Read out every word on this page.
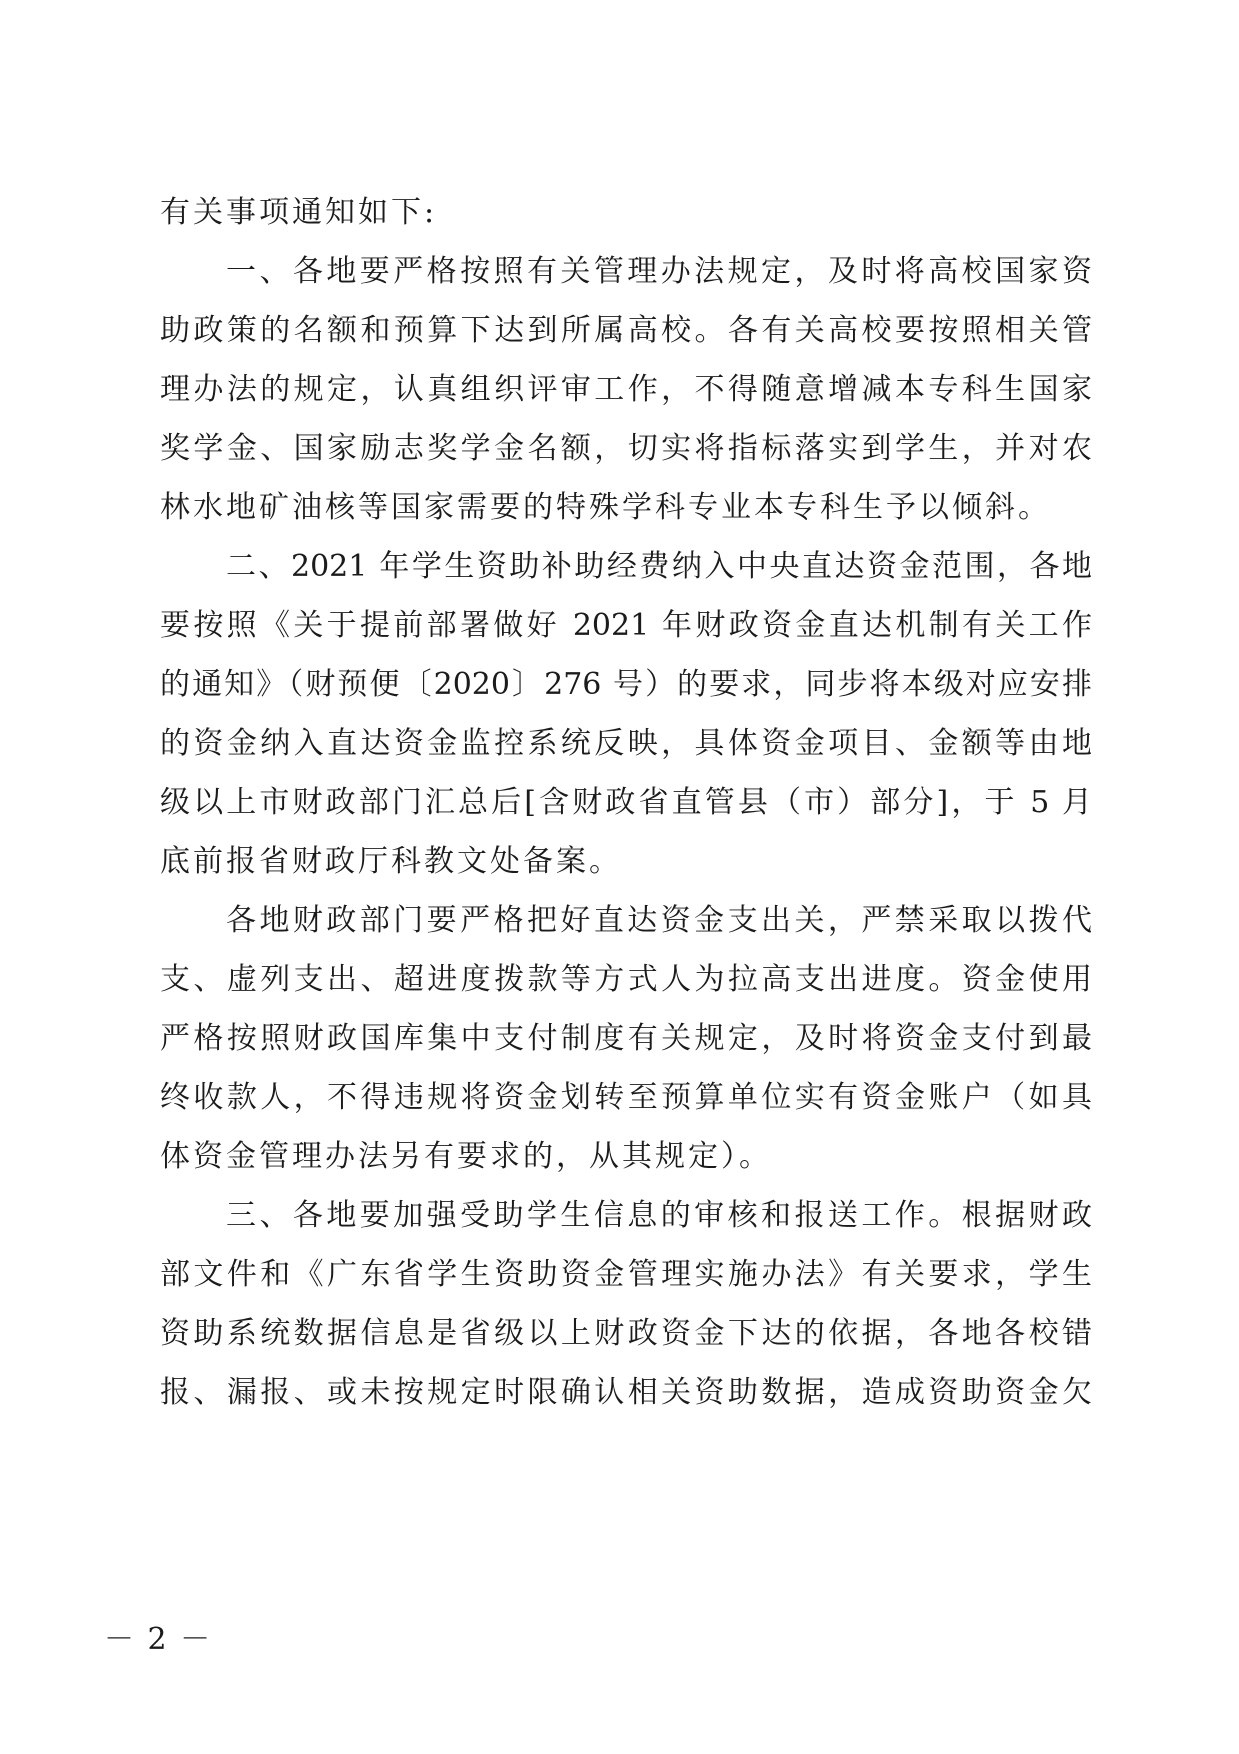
有关事项通知如下:
一、各地要严格按照有关管理办法规定，及时将高校国家资
助政策的名额和预算下达到所属高校。各有关高校要按照相关管
理办法的规定，认真组织评审工作，不得随意增减本专科生国家
奖学金、国家励志奖学金名额，切实将指标落实到学生，并对农
林水地矿油核等国家需要的特殊学科专业本专科生予以倾斜。
二、2021 年学生资助补助经费纳入中央直达资金范围，各地
要按照《关于提前部署做好 2021 年财政资金直达机制有关工作
的通知》（财预便〔2020〕276 号）的要求，同步将本级对应安排
的资金纳入直达资金监控系统反映，具体资金项目、金额等由地
级以上市财政部门汇总后[含财政省直管县（市）部分]，于 5 月
底前报省财政厅科教文处备案。
各地财政部门要严格把好直达资金支出关，严禁采取以拨代
支、虚列支出、超进度拨款等方式人为拉高支出进度。资金使用
严格按照财政国库集中支付制度有关规定，及时将资金支付到最
终收款人，不得违规将资金划转至预算单位实有资金账户（如具
体资金管理办法另有要求的，从其规定）。
三、各地要加强受助学生信息的审核和报送工作。根据财政
部文件和《广东省学生资助资金管理实施办法》有关要求，学生
资助系统数据信息是省级以上财政资金下达的依据，各地各校错
报、漏报、或未按规定时限确认相关资助数据，造成资助资金欠
－ 2 －
